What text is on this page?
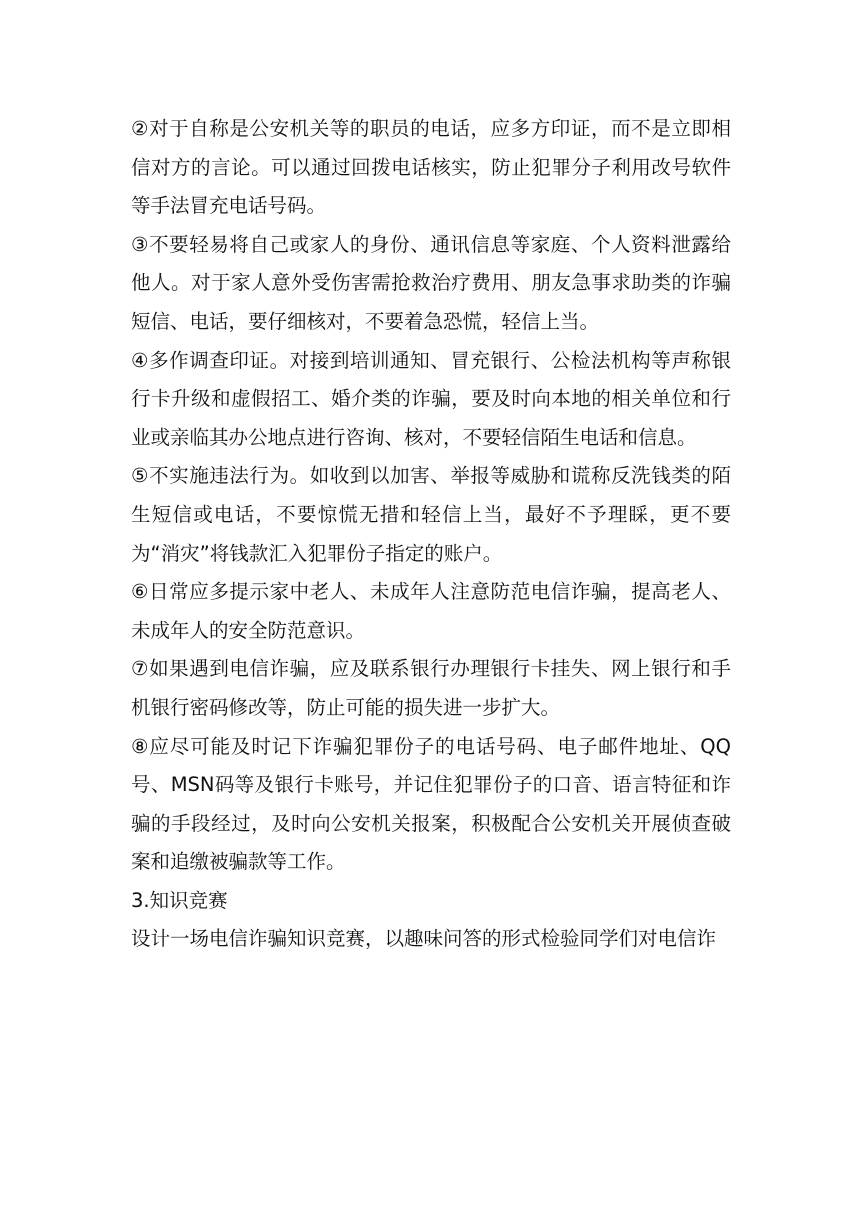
②对于自称是公安机关等的职员的电话，应多方印证，而不是立即相信对方的言论。可以通过回拨电话核实，防止犯罪分子利用改号软件等手法冒充电话号码。

③不要轻易将自己或家人的身份、通讯信息等家庭、个人资料泄露给他人。对于家人意外受伤害需抢救治疗费用、朋友急事求助类的诈骗短信、电话，要仔细核对，不要着急恐慌，轻信上当。

④多作调查印证。对接到培训通知、冒充银行、公检法机构等声称银行卡升级和虚假招工、婚介类的诈骗，要及时向本地的相关单位和行业或亲临其办公地点进行咨询、核对，不要轻信陌生电话和信息。

⑤不实施违法行为。如收到以加害、举报等威胁和谎称反洗钱类的陌生短信或电话，不要惊慌无措和轻信上当，最好不予理睬，更不要为“消灾”将钱款汇入犯罪份子指定的账户。

⑥日常应多提示家中老人、未成年人注意防范电信诈骗，提高老人、未成年人的安全防范意识。

⑦如果遇到电信诈骗，应及联系银行办理银行卡挂失、网上银行和手机银行密码修改等，防止可能的损失进一步扩大。

⑧应尽可能及时记下诈骗犯罪份子的电话号码、电子邮件地址、QQ号、MSN码等及银行卡账号，并记住犯罪份子的口音、语言特征和诈骗的手段经过，及时向公安机关报案，积极配合公安机关开展侦查破案和追缴被骗款等工作。

3.知识竞赛

设计一场电信诈骗知识竞赛，以趣味问答的形式检验同学们对电信诈
